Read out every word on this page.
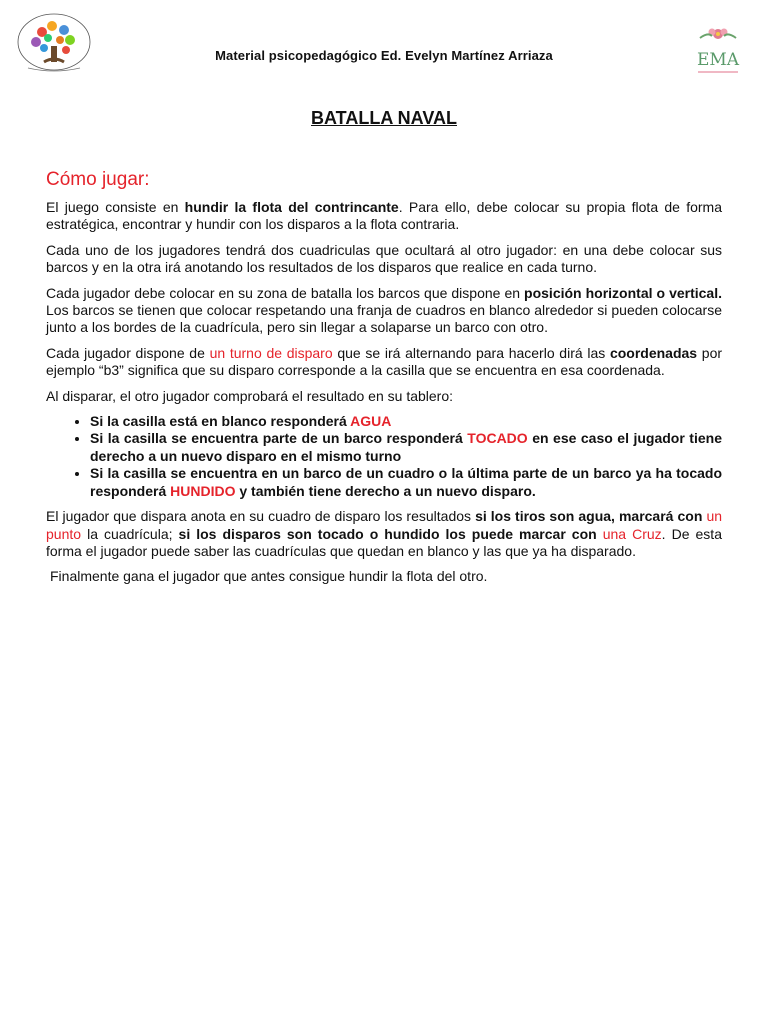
EMA
Material psicopedagógico Ed. Evelyn Martínez Arriaza
BATALLA NAVAL
Cómo jugar:

El juego consiste en hundir la flota del contrincante. Para ello, debe colocar su propia flota de forma estratégica, encontrar y hundir con los disparos a la flota contraria.

Cada uno de los jugadores tendrá dos cuadriculas que ocultará al otro jugador: en una debe colocar sus barcos y en la otra irá anotando los resultados de los disparos que realice en cada turno.

Cada jugador debe colocar en su zona de batalla los barcos que dispone en posición horizontal o vertical. Los barcos se tienen que colocar respetando una franja de cuadros en blanco alrededor si pueden colocarse junto a los bordes de la cuadrícula, pero sin llegar a solaparse un barco con otro.

Cada jugador dispone de un turno de disparo que se irá alternando para hacerlo dirá las coordenadas por ejemplo “b3” significa que su disparo corresponde a la casilla que se encuentra en esa coordenada.

Al disparar, el otro jugador comprobará el resultado en su tablero:

• Si la casilla está en blanco responderá AGUA
• Si la casilla se encuentra parte de un barco responderá TOCADO en ese caso el jugador tiene derecho a un nuevo disparo en el mismo turno
• Si la casilla se encuentra en un barco de un cuadro o la última parte de un barco ya ha tocado responderá HUNDIDO y también tiene derecho a un nuevo disparo.

El jugador que dispara anota en su cuadro de disparo los resultados si los tiros son agua, marcará con un punto la cuadrícula; si los disparos son tocado o hundido los puede marcar con una Cruz. De esta forma el jugador puede saber las cuadrículas que quedan en blanco y las que ya ha disparado.

Finalmente gana el jugador que antes consigue hundir la flota del otro.
